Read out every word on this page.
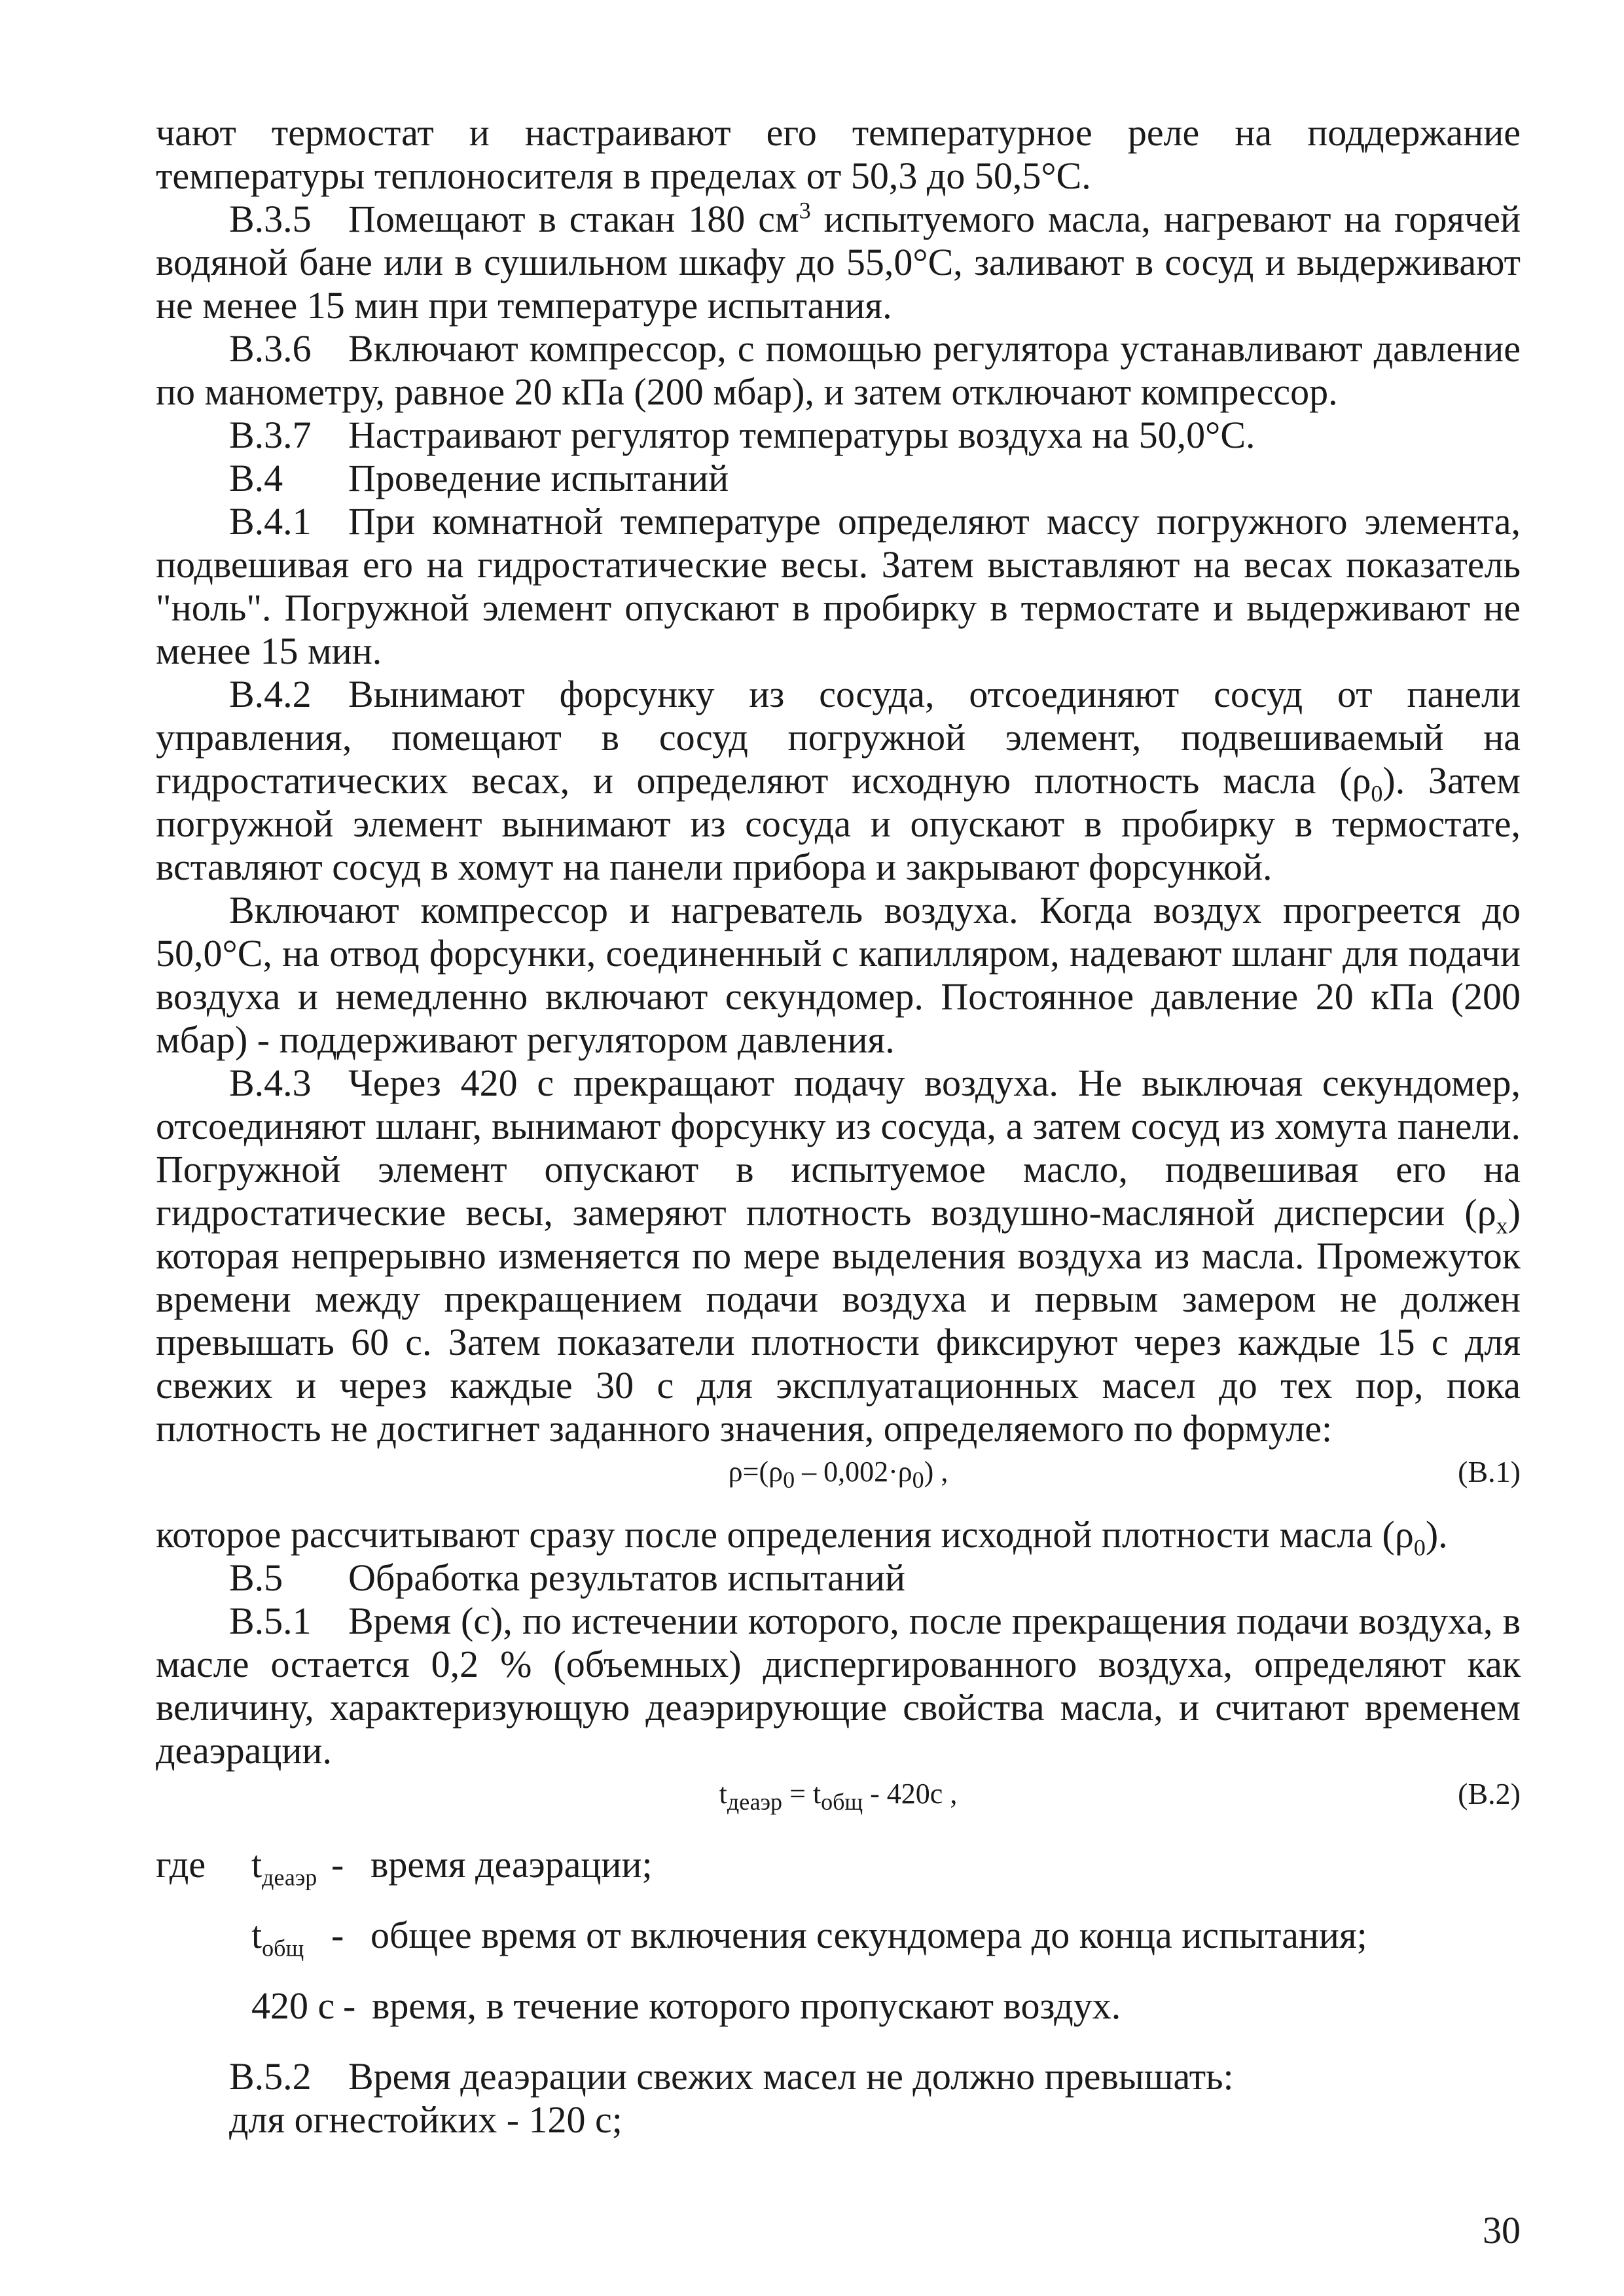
чают термостат и настраивают его температурное реле на поддержание температуры теплоносителя в пределах от 50,3 до 50,5°С.

В.3.5 Помещают в стакан 180 $см^3$ испытуемого масла, нагревают на горячей водяной бане или в сушильном шкафу до 55,0°С, заливают в сосуд и выдерживают не менее 15 мин при температуре испытания.

В.3.6 Включают компрессор, с помощью регулятора устанавливают давление по манометру, равное 20 кПа (200 мбар), и затем отключают компрессор.

В.3.7 Настраивают регулятор температуры воздуха на 50,0°С.

В.4 Проведение испытаний

В.4.1 При комнатной температуре определяют массу погружного элемента, подвешивая его на гидростатические весы. Затем выставляют на весах показатель "ноль". Погружной элемент опускают в пробирку в термостате и выдерживают не менее 15 мин.

В.4.2 Вынимают форсунку из сосуда, отсоединяют сосуд от панели управления, помещают в сосуд погружной элемент, подвешиваемый на гидростатических весах, и определяют исходную плотность масла $(\rho_0)$. Затем погружной элемент вынимают из сосуда и опускают в пробирку в термостате, вставляют сосуд в хомут на панели прибора и закрывают форсункой.

Включают компрессор и нагреватель воздуха. Когда воздух прогреется до 50,0°С, на отвод форсунки, соединенный с капилляром, надевают шланг для подачи воздуха и немедленно включают секундомер. Постоянное давление 20 кПа (200 мбар) - поддерживают регулятором давления.

В.4.3 Через 420 с прекращают подачу воздуха. Не выключая секундомер, отсоединяют шланг, вынимают форсунку из сосуда, а затем сосуд из хомута панели. Погружной элемент опускают в испытуемое масло, подвешивая его на гидростатические весы, замеряют плотность воздушно-масляной дисперсии $(\rho_x)$ которая непрерывно изменяется по мере выделения воздуха из масла. Промежуток времени между прекращением подачи воздуха и первым замером не должен превышать 60 с. Затем показатели плотности фиксируют через каждые 15 с для свежих и через каждые 30 с для эксплуатационных масел до тех пор, пока плотность не достигнет заданного значения, определяемого по формуле:

$\rho=(\rho_0 - 0,002\cdot\rho_0)$ ,	(В.1)

которое рассчитывают сразу после определения исходной плотности масла $(\rho_0)$.

В.5 Обработка результатов испытаний

В.5.1 Время (с), по истечении которого, после прекращения подачи воздуха, в масле остается 0,2 % (объемных) диспергированного воздуха, определяют как величину, характеризующую деаэрирующие свойства масла, и считают временем деаэрации.

$t_{деаэр} = t_{общ} - 420с$ ,	(В.2)
где	$t_{деаэр}$ - время деаэрации;
$t_{общ}$ - общее время от включения секундомера до конца испытания;
420 с - время, в течение которого пропускают воздух.

В.5.2 Время деаэрации свежих масел не должно превышать:

для огнестойких - 120 с;

30
